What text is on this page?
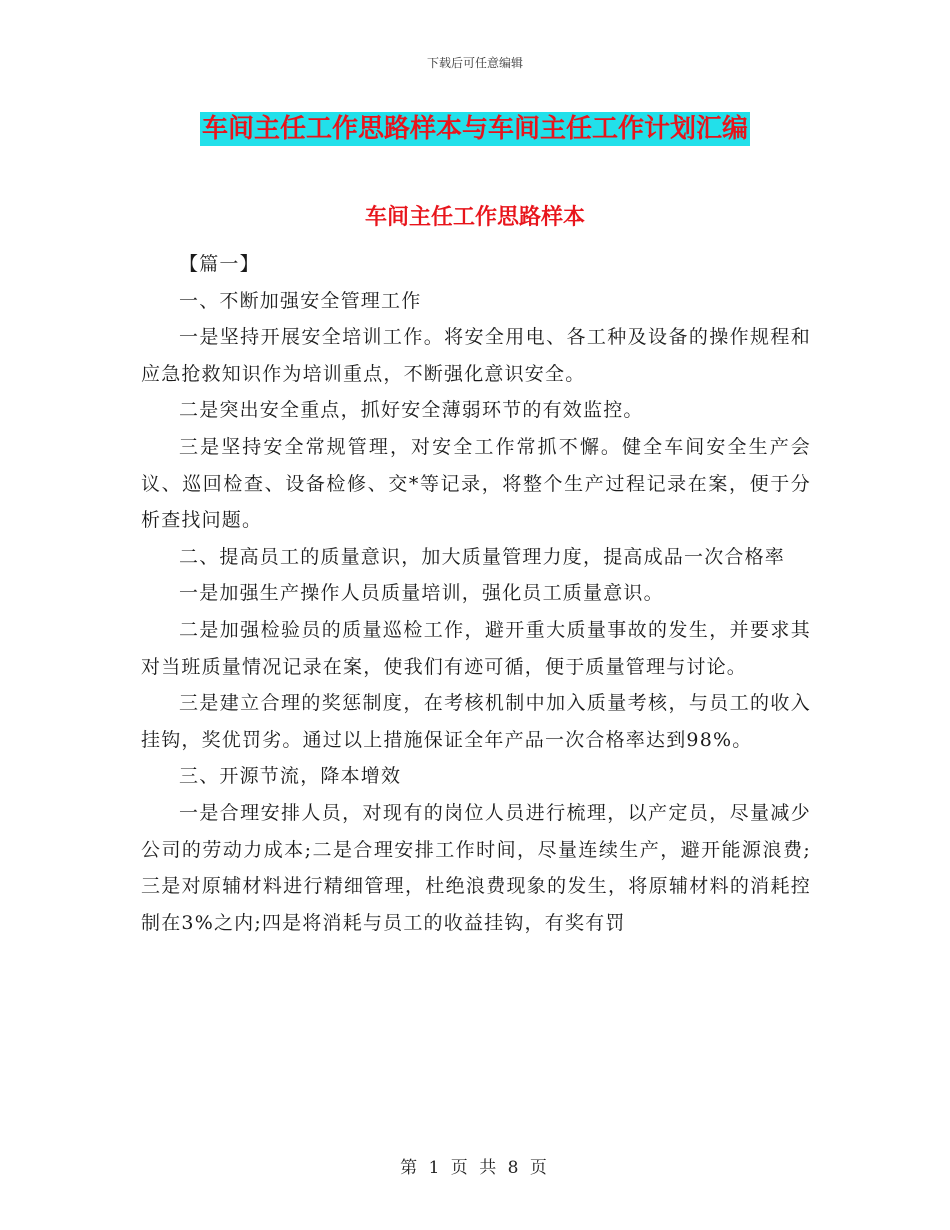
下载后可任意编辑
车间主任工作思路样本与车间主任工作计划汇编
车间主任工作思路样本

【篇一】

一、不断加强安全管理工作

一是坚持开展安全培训工作。将安全用电、各工种及设备的操作规程和应急抢救知识作为培训重点，不断强化意识安全。

二是突出安全重点，抓好安全薄弱环节的有效监控。

三是坚持安全常规管理，对安全工作常抓不懈。健全车间安全生产会议、巡回检查、设备检修、交*等记录，将整个生产过程记录在案，便于分析查找问题。

二、提高员工的质量意识，加大质量管理力度，提高成品一次合格率

一是加强生产操作人员质量培训，强化员工质量意识。

二是加强检验员的质量巡检工作，避开重大质量事故的发生，并要求其对当班质量情况记录在案，使我们有迹可循，便于质量管理与讨论。

三是建立合理的奖惩制度，在考核机制中加入质量考核，与员工的收入挂钩，奖优罚劣。通过以上措施保证全年产品一次合格率达到98%。

三、开源节流，降本增效

一是合理安排人员，对现有的岗位人员进行梳理，以产定员，尽量减少公司的劳动力成本;二是合理安排工作时间，尽量连续生产，避开能源浪费;三是对原辅材料进行精细管理，杜绝浪费现象的发生，将原辅材料的消耗控制在3%之内;四是将消耗与员工的收益挂钩，有奖有罚

第 1 页 共 8 页
